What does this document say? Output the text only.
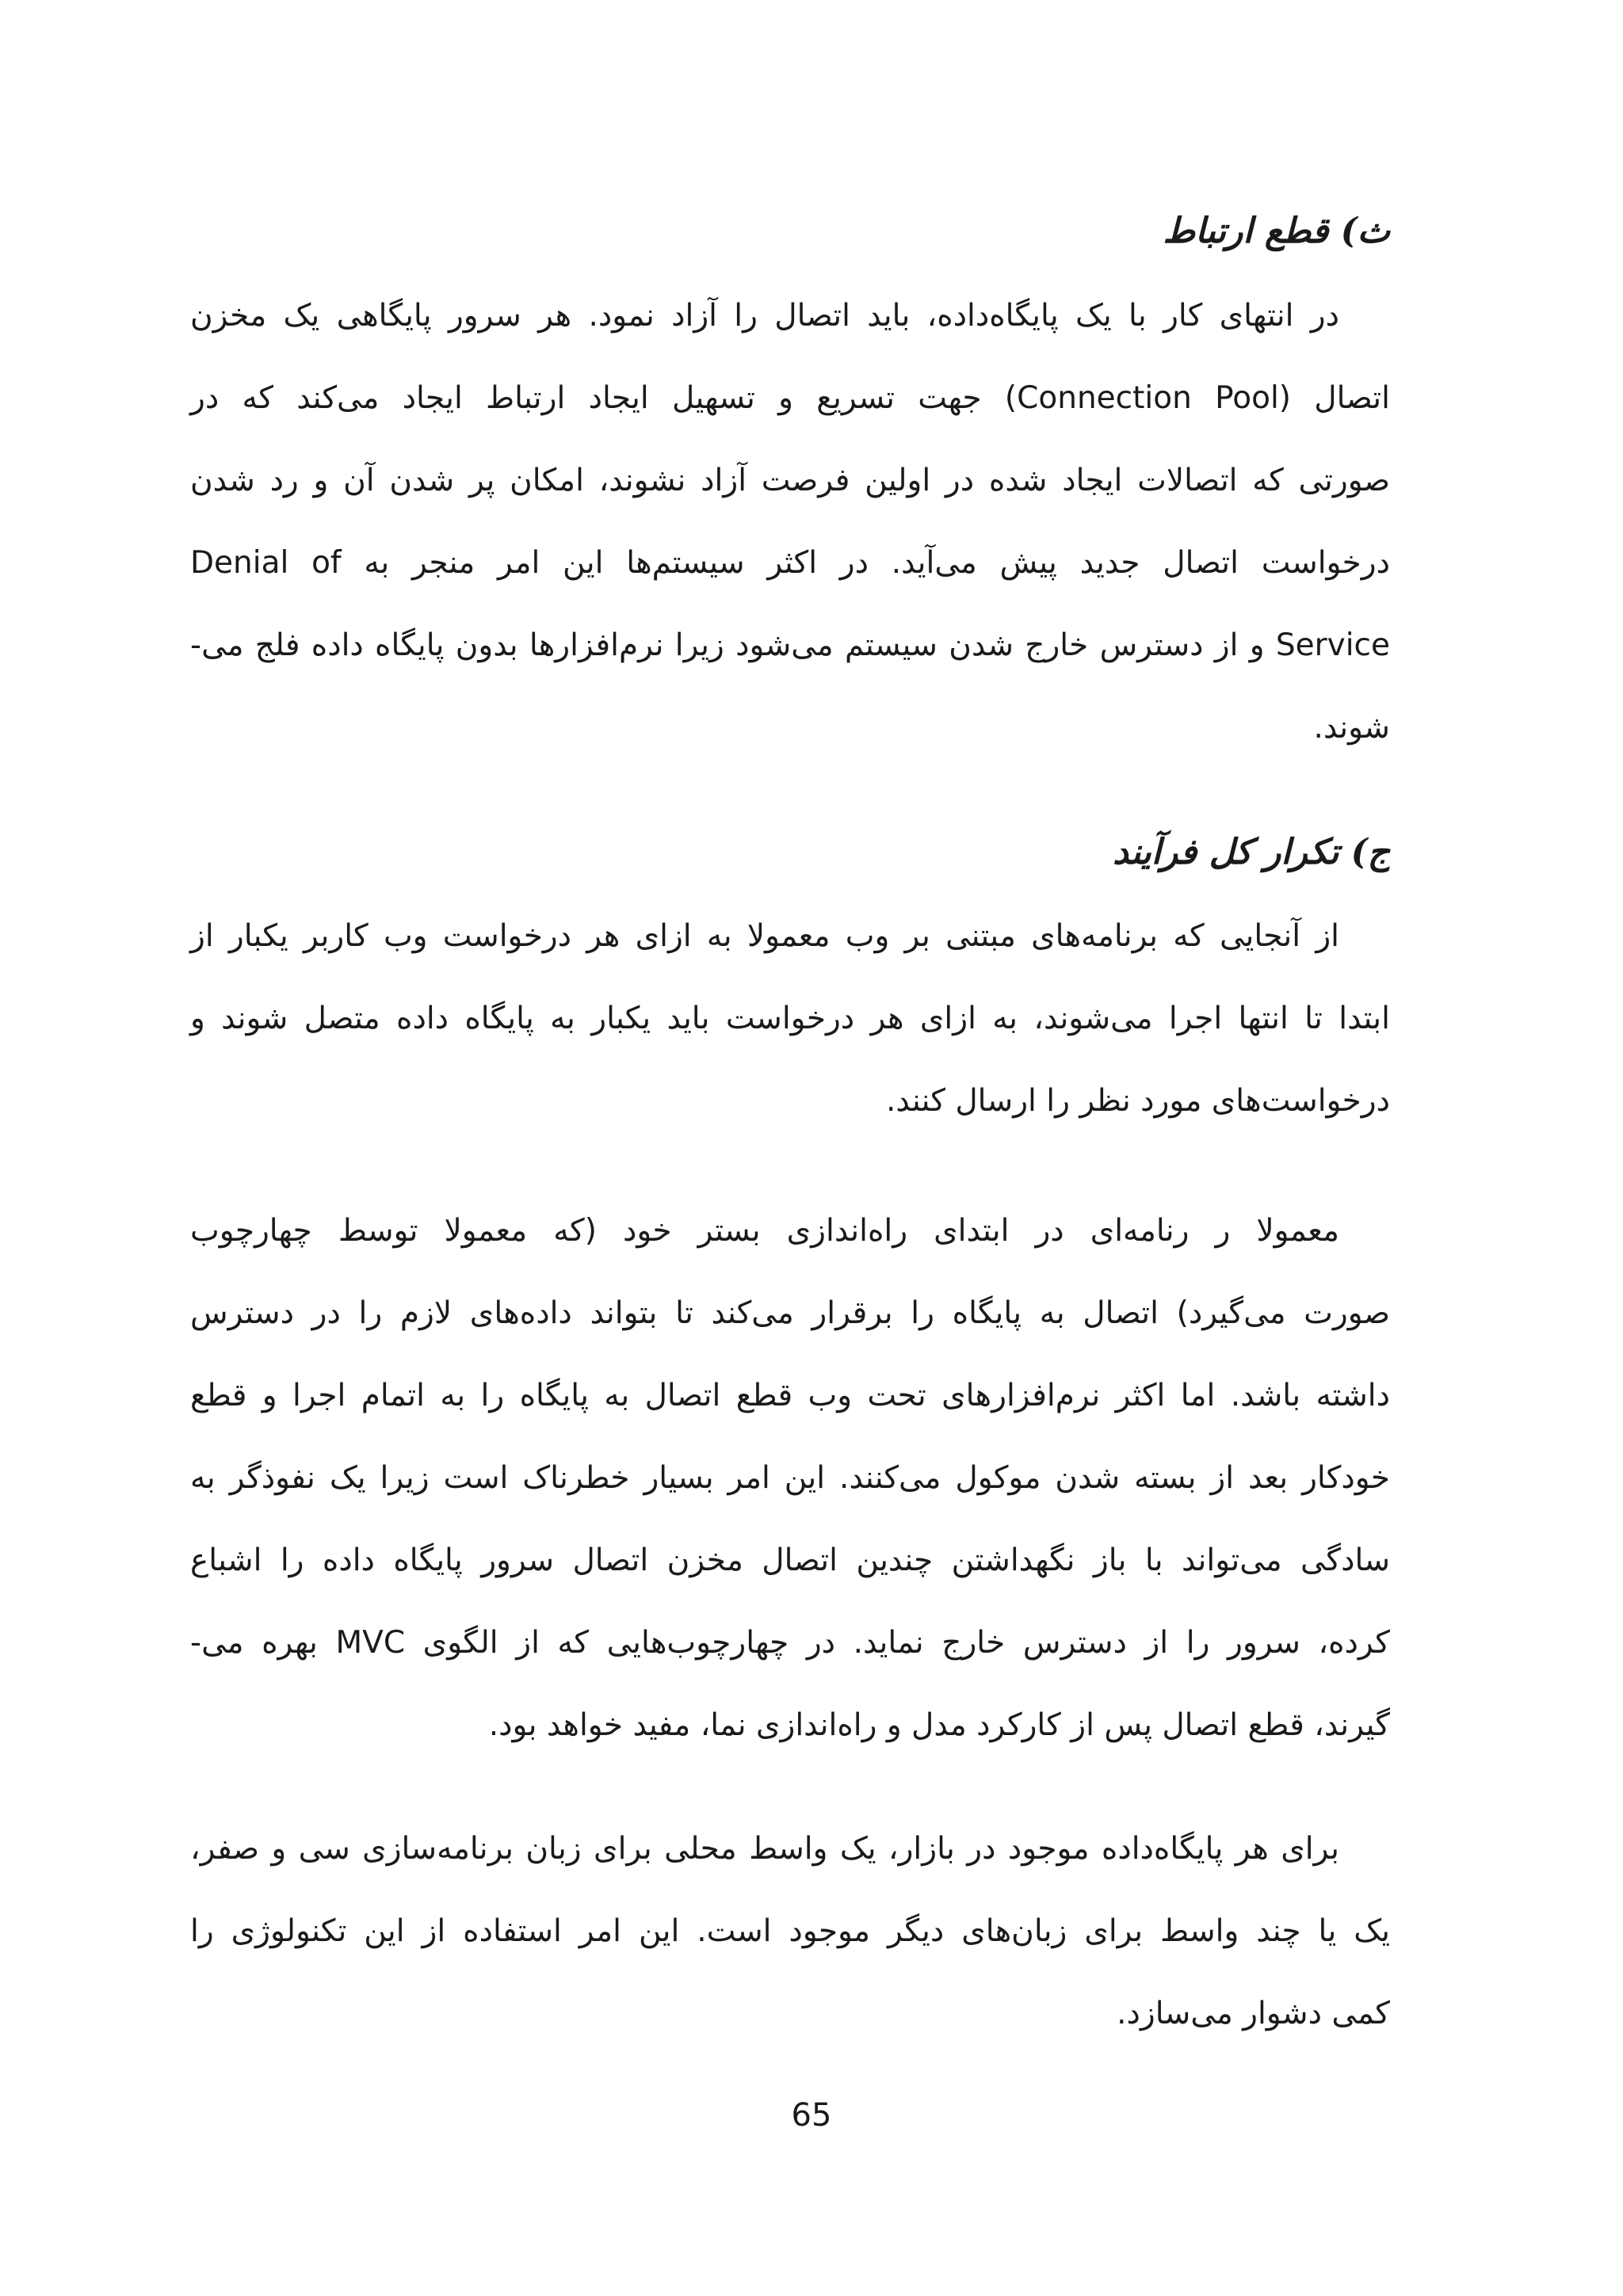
ث) قطع ارتباط
در انتهای کار با یک پایگاه‌داده، باید اتصال را آزاد نمود. هر سرور پایگاهی یک مخزن
اتصال (Connection Pool) جهت تسریع و تسهیل ایجاد ارتباط ایجاد می‌کند که در
صورتی که اتصالات ایجاد شده در اولین فرصت آزاد نشوند، امکان پر شدن آن و رد شدن
درخواست اتصال جدید پیش می‌آید. در اکثر سیستم‌ها این امر منجر به Denial of
Service و از دسترس خارج شدن سیستم می‌شود زیرا نرم‌افزارها بدون پایگاه داده فلج می-
شوند.
ج) تکرار کل فرآیند
از آنجایی که برنامه‌های مبتنی بر وب معمولا به ازای هر درخواست وب کاربر یکبار از
ابتدا تا انتها اجرا می‌شوند، به ازای هر درخواست باید یکبار به پایگاه داده متصل شوند و
درخواست‌های مورد نظر را ارسال کنند.
معمولا ر رنامه‌ای در ابتدای راه‌اندازی بستر خود (که معمولا توسط چهارچوب
صورت می‌گیرد) اتصال به پایگاه را برقرار می‌کند تا بتواند داده‌های لازم را در دسترس
داشته باشد. اما اکثر نرم‌افزارهای تحت وب قطع اتصال به پایگاه را به اتمام اجرا و قطع
خودکار بعد از بسته شدن موکول می‌کنند. این امر بسیار خطرناک است زیرا یک نفوذگر به
سادگی می‌تواند با باز نگهداشتن چندین اتصال مخزن اتصال سرور پایگاه داده را اشباع
کرده، سرور را از دسترس خارج نماید. در چهارچوب‌هایی که از الگوی MVC بهره می-
گیرند، قطع اتصال پس از کارکرد مدل و راه‌اندازی نما، مفید خواهد بود.
برای هر پایگاه‌داده موجود در بازار، یک واسط محلی برای زبان برنامه‌سازی سی و صفر،
یک یا چند واسط برای زبان‌های دیگر موجود است. این امر استفاده از این تکنولوژی را
کمی دشوار می‌سازد.
65
